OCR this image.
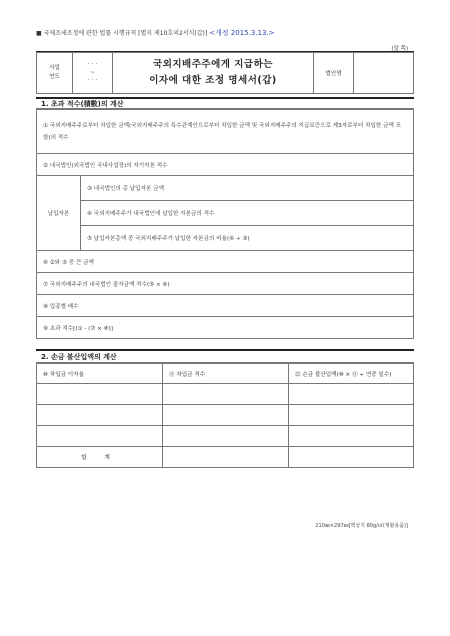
■ 국제조세조정에 관한 법률 시행규칙 [별지 제10호의2서식(갑)] <개정 2015.3.13.>
(앞 쪽)
사업
연도	
· · ·
~
· · ·

국외지배주주에게 지급하는
이자에 대한 조정 명세서(갑)
	법인명	
1. 초과 적수(積數)의 계산
① 국외지배주주로부터 차입한 금액(국외지배주주의 특수관계인으로부터 차입한 금액 및 국외지배주주의 지급보증으로 제3자로부터 차입한 금액 포함)의 적수
② 내국법인(외국법인 국내사업장)의 자기자본 적수
납입자본	③ 내국법인의 총 납입자본 금액
④ 국외지배주주가 내국법인에 납입한 자본금의 적수
⑤ 납입자본총액 중 국외지배주주가 납입한 자본금의 비율(④ ÷ ③)
⑥ ②와 ③ 중 큰 금액
⑦ 국외지배주주의 내국법인 출자금액 적수(⑤ × ⑥)
⑧ 업종별 배수
⑨ 초과 적수[(① - (⑦ × ⑧)]
2. 손금 불산입액의 계산
⑩ 차입금 이자율	⑪ 차입금 적수	⑫ 손금 불산입액(⑩ × ⑪ ÷ 연중 일수)

합 계		
210㎜×297㎜[백상지 80g/㎡(재활용품)]
